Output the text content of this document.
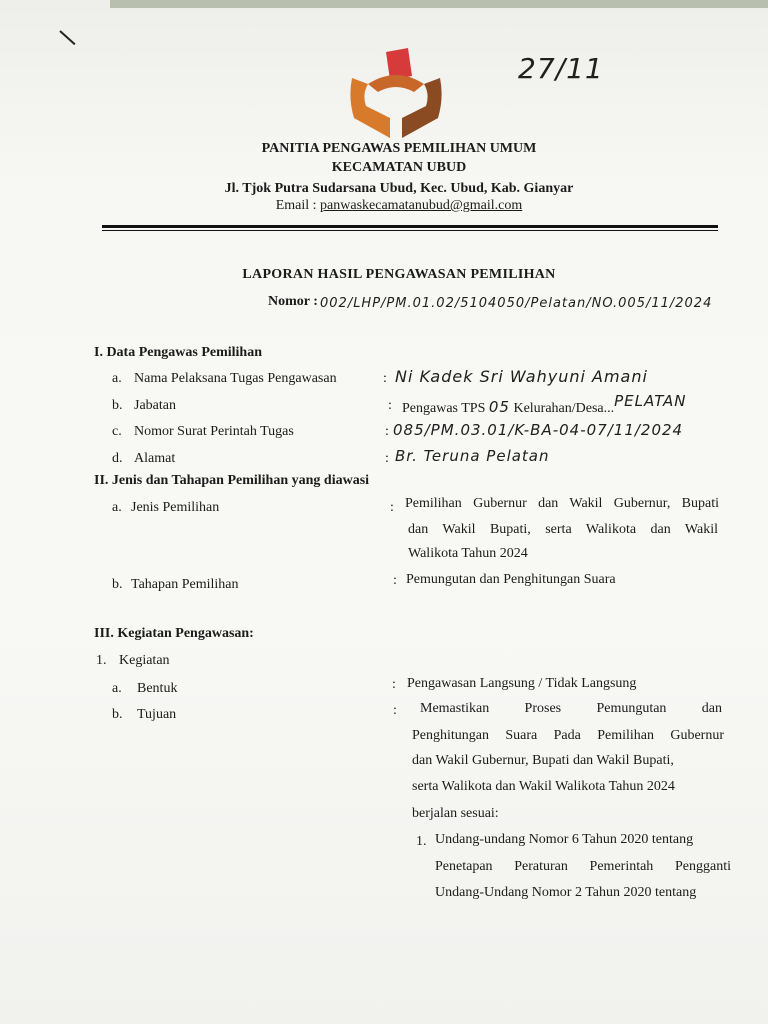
27/11
PANITIA PENGAWAS PEMILIHAN UMUM
KECAMATAN UBUD
Jl. Tjok Putra Sudarsana Ubud, Kec. Ubud, Kab. Gianyar
Email : panwaskecamatanubud@gmail.com
LAPORAN HASIL PENGAWASAN PEMILIHAN
Nomor : 002/LHP/PM.01.02/5104050/Pelatan/NO.005/11/2024
I. Data Pengawas Pemilihan
a. Nama Pelaksana Tugas Pengawasan	: Ni Kadek Sri Wahyuni Amani
b. Jabatan	: Pengawas TPS 05 Kelurahan/Desa...PELATAN
c. Nomor Surat Perintah Tugas	: 085/PM.03.01/K-BA-04-07/11/2024
d. Alamat	: Br. Teruna Pelatan
II. Jenis dan Tahapan Pemilihan yang diawasi
a. Jenis Pemilihan	: Pemilihan Gubernur dan Wakil Gubernur, Bupati
dan Wakil Bupati, serta Walikota dan Wakil
Walikota Tahun 2024
b. Tahapan Pemilihan	: Pemungutan dan Penghitungan Suara
III. Kegiatan Pengawasan:
1. Kegiatan
a. Bentuk	: Pengawasan Langsung / Tidak Langsung
b. Tujuan	: Memastikan Proses Pemungutan dan
Penghitungan Suara Pada Pemilihan Gubernur
dan Wakil Gubernur, Bupati dan Wakil Bupati,
serta Walikota dan Wakil Walikota Tahun 2024
berjalan sesuai:
1. Undang-undang Nomor 6 Tahun 2020 tentang
Penetapan Peraturan Pemerintah Pengganti
Undang-Undang Nomor 2 Tahun 2020 tentang
